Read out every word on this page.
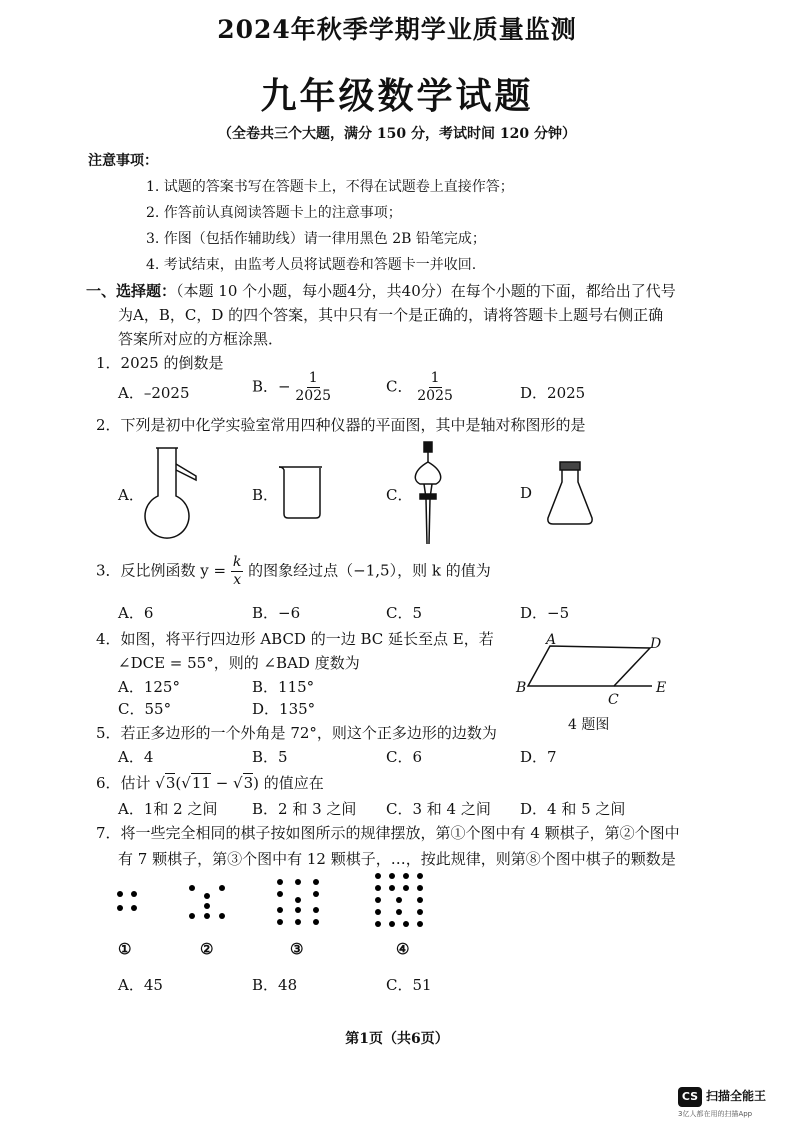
2024年秋季学期学业质量监测
九年级数学试题
（全卷共三个大题，满分 150 分，考试时间 120 分钟）
注意事项：
1. 试题的答案书写在答题卡上，不得在试题卷上直接作答；
2. 作答前认真阅读答题卡上的注意事项；
3. 作图（包括作辅助线）请一律用黑色 2B 铅笔完成；
4. 考试结束，由监考人员将试题卷和答题卡一并收回.
一、选择题：（本题 10 个小题，每小题4分，共40分）在每个小题的下面，都给出了代号
为A，B，C，D 的四个答案，其中只有一个是正确的，请将答题卡上题号右侧正确
答案所对应的方框涂黑．
1．2025 的倒数是
A．–2025	B．− $\frac{1}{2025}$	C． $\frac{1}{2025}$	D．2025
2．下列是初中化学实验室常用四种仪器的平面图，其中是轴对称图形的是
A．	B．	C．	D
3．反比例函数 $y = \frac{k}{x}$ 的图象经过点（−1,5），则 k 的值为
A．6	B．−6	C．5	D．−5
4．如图，将平行四边形 ABCD 的一边 BC 延长至点 E，若
∠DCE = 55°，则的 ∠BAD 度数为
A．125°	B．115°
C．55°	D．135°
A	D
B
C
E
4 题图
5．若正多边形的一个外角是 72°，则这个正多边形的边数为
A．4	B．5	C．6	D．7
6．估计 √3(√11 − √3) 的值应在
A．1和 2 之间 B．2 和 3 之间 C．3 和 4 之间 D．4 和 5 之间
7．将一些完全相同的棋子按如图所示的规律摆放，第①个图中有 4 颗棋子，第②个图中
有 7 颗棋子，第③个图中有 12 颗棋子，…，按此规律，则第⑧个图中棋子的颗数是
①	②	③	④
A．45	B．48	C．51
第1页（共6页）
CS 扫描全能王
3亿人都在用的扫描App
